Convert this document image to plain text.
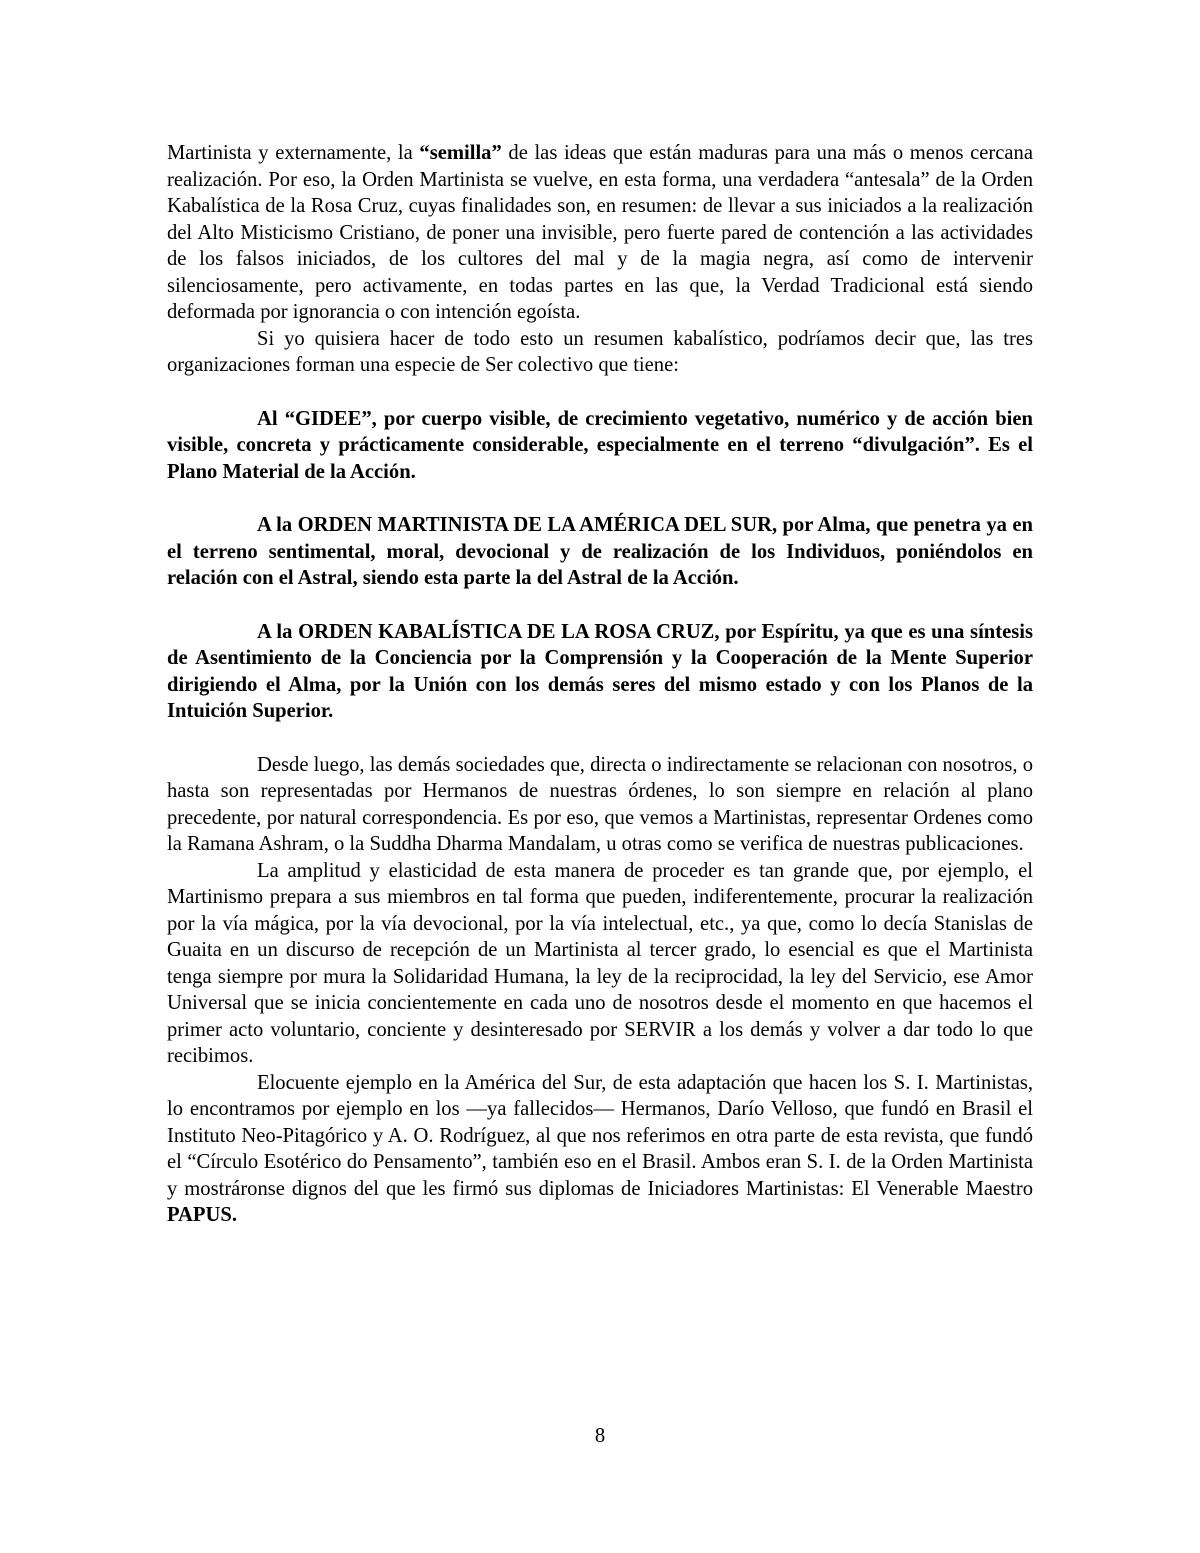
Martinista y externamente, la “semilla” de las ideas que están maduras para una más o menos cercana realización. Por eso, la Orden Martinista se vuelve, en esta forma, una verdadera “antesala” de la Orden Kabalística de la Rosa Cruz, cuyas finalidades son, en resumen: de llevar a sus iniciados a la realización del Alto Misticismo Cristiano, de poner una invisible, pero fuerte pared de contención a las actividades de los falsos iniciados, de los cultores del mal y de la magia negra, así como de intervenir silenciosamente, pero activamente, en todas partes en las que, la Verdad Tradicional está siendo deformada por ignorancia o con intención egoísta.

Si yo quisiera hacer de todo esto un resumen kabalístico, podríamos decir que, las tres organizaciones forman una especie de Ser colectivo que tiene:

Al “GIDEE”, por cuerpo visible, de crecimiento vegetativo, numérico y de acción bien visible, concreta y prácticamente considerable, especialmente en el terreno “divulgación”. Es el Plano Material de la Acción.

A la ORDEN MARTINISTA DE LA AMÉRICA DEL SUR, por Alma, que penetra ya en el terreno sentimental, moral, devocional y de realización de los Individuos, poniéndolos en relación con el Astral, siendo esta parte la del Astral de la Acción.

A la ORDEN KABALÍSTICA DE LA ROSA CRUZ, por Espíritu, ya que es una síntesis de Asentimiento de la Conciencia por la Comprensión y la Cooperación de la Mente Superior dirigiendo el Alma, por la Unión con los demás seres del mismo estado y con los Planos de la Intuición Superior.

Desde luego, las demás sociedades que, directa o indirectamente se relacionan con nosotros, o hasta son representadas por Hermanos de nuestras órdenes, lo son siempre en relación al plano precedente, por natural correspondencia. Es por eso, que vemos a Martinistas, representar Ordenes como la Ramana Ashram, o la Suddha Dharma Mandalam, u otras como se verifica de nuestras publicaciones.

La amplitud y elasticidad de esta manera de proceder es tan grande que, por ejemplo, el Martinismo prepara a sus miembros en tal forma que pueden, indiferentemente, procurar la realización por la vía mágica, por la vía devocional, por la vía intelectual, etc., ya que, como lo decía Stanislas de Guaita en un discurso de recepción de un Martinista al tercer grado, lo esencial es que el Martinista tenga siempre por mura la Solidaridad Humana, la ley de la reciprocidad, la ley del Servicio, ese Amor Universal que se inicia concientemente en cada uno de nosotros desde el momento en que hacemos el primer acto voluntario, conciente y desinteresado por SERVIR a los demás y volver a dar todo lo que recibimos.

Elocuente ejemplo en la América del Sur, de esta adaptación que hacen los S. I. Martinistas, lo encontramos por ejemplo en los —ya fallecidos— Hermanos, Darío Velloso, que fundó en Brasil el Instituto Neo-Pitagórico y A. O. Rodríguez, al que nos referimos en otra parte de esta revista, que fundó el “Círculo Esotérico do Pensamento”, también eso en el Brasil. Ambos eran S. I. de la Orden Martinista y mostráronse dignos del que les firmó sus diplomas de Iniciadores Martinistas: El Venerable Maestro PAPUS.

8
